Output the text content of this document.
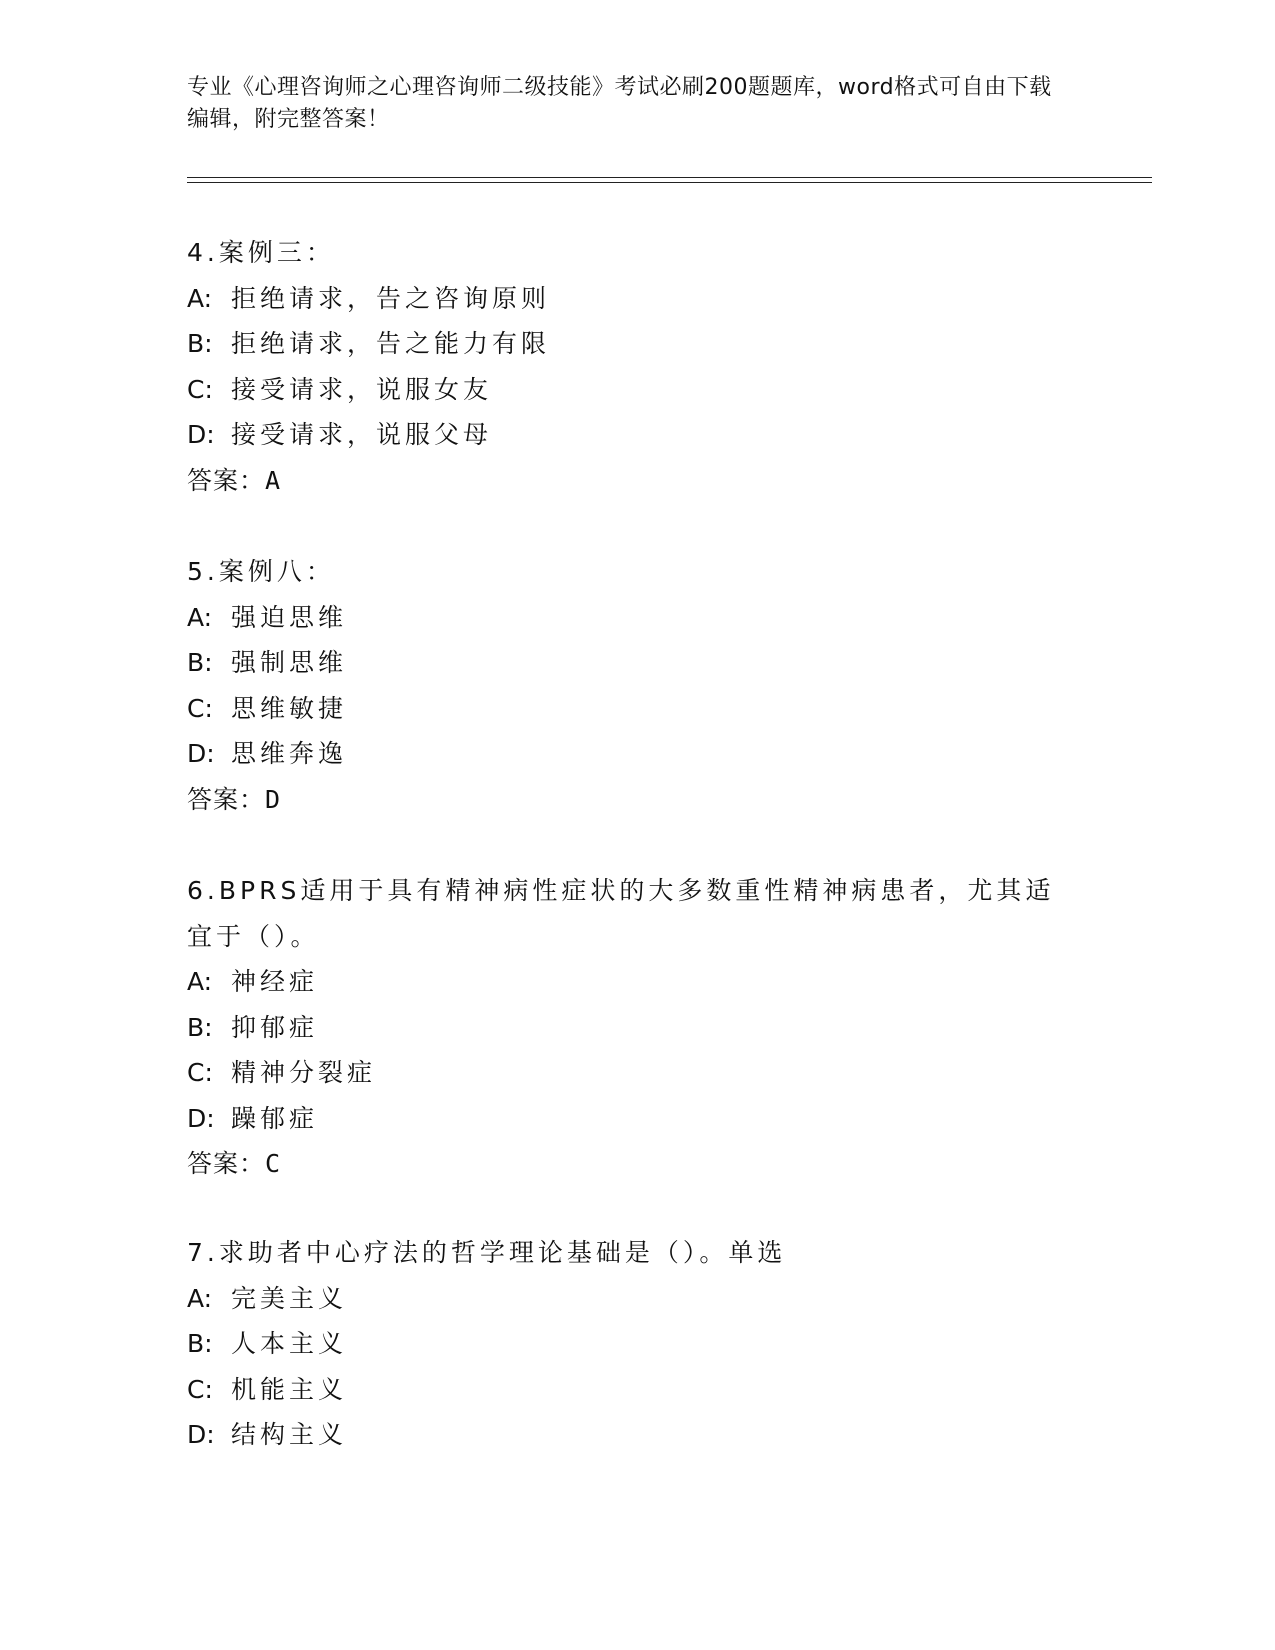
专业《心理咨询师之心理咨询师二级技能》考试必刷200题题库，word格式可自由下载编辑，附完整答案！

4.案例三：

A: 拒绝请求，告之咨询原则

B: 拒绝请求，告之能力有限

C: 接受请求，说服女友

D: 接受请求，说服父母

答案：A

5.案例八：

A: 强迫思维

B: 强制思维

C: 思维敏捷

D: 思维奔逸

答案：D

6.BPRS适用于具有精神病性症状的大多数重性精神病患者，尤其适宜于（）。

A: 神经症

B: 抑郁症

C: 精神分裂症

D: 躁郁症

答案：C

7.求助者中心疗法的哲学理论基础是（）。单选

A: 完美主义

B: 人本主义

C: 机能主义

D: 结构主义
